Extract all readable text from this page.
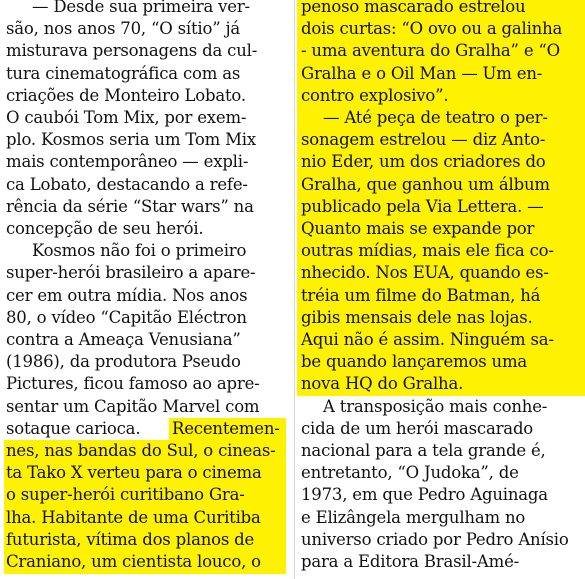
— Desde sua primeira ver-
são, nos anos 70, “O sítio” já
misturava personagens da cul-
tura cinematográfica com as
criações de Monteiro Lobato.
O caubói Tom Mix, por exem-
plo. Kosmos seria um Tom Mix
mais contemporâneo — expli-
ca Lobato, destacando a refe-
rência da série “Star wars” na
concepção de seu herói.
Kosmos não foi o primeiro
super-herói brasileiro a apare-
cer em outra mídia. Nos anos
80, o vídeo “Capitão Eléctron
contra a Ameaça Venusiana”
(1986), da produtora Pseudo
Pictures, ficou famoso ao apre-
sentar um Capitão Marvel com
sotaque carioca. Recentemen-
nes, nas bandas do Sul, o cineas-
ta Tako X verteu para o cinema
o super-herói curitibano Gra-
lha. Habitante de uma Curitiba
futurista, vítima dos planos de
Craniano, um cientista louco, o
penoso mascarado estrelou
dois curtas: “O ovo ou a galinha
- uma aventura do Gralha” e “O
Gralha e o Oil Man — Um en-
contro explosivo”.
— Até peça de teatro o per-
sonagem estrelou — diz Anto-
nio Eder, um dos criadores do
Gralha, que ganhou um álbum
publicado pela Via Lettera. —
Quanto mais se expande por
outras mídias, mais ele fica co-
nhecido. Nos EUA, quando es-
tréia um filme do Batman, há
gibis mensais dele nas lojas.
Aqui não é assim. Ninguém sa-
be quando lançaremos uma
nova HQ do Gralha.
A transposição mais conhe-
cida de um herói mascarado
nacional para a tela grande é,
entretanto, “O Judoka”, de
1973, em que Pedro Aguinaga
e Elizângela mergulham no
universo criado por Pedro Anísio
para a Editora Brasil-Amé-
